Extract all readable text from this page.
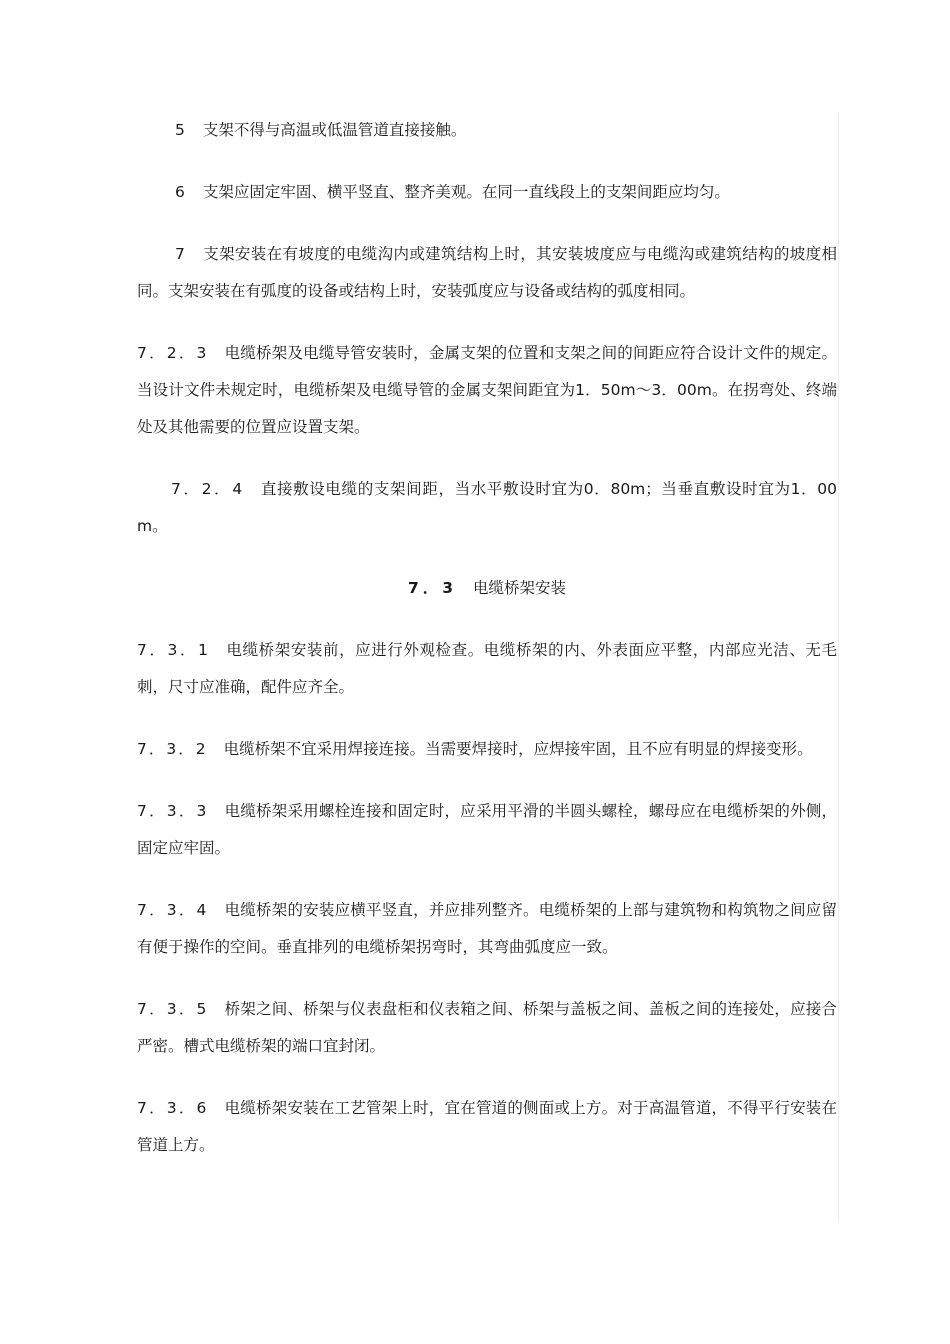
5 支架不得与高温或低温管道直接接触。

6 支架应固定牢固、横平竖直、整齐美观。在同一直线段上的支架间距应均匀。

7 支架安装在有坡度的电缆沟内或建筑结构上时，其安装坡度应与电缆沟或建筑结构的坡度相同。支架安装在有弧度的设备或结构上时，安装弧度应与设备或结构的弧度相同。

7．2．3 电缆桥架及电缆导管安装时，金属支架的位置和支架之间的间距应符合设计文件的规定。当设计文件未规定时，电缆桥架及电缆导管的金属支架间距宜为1．50m～3．00m。在拐弯处、终端处及其他需要的位置应设置支架。

7．2．4 直接敷设电缆的支架间距，当水平敷设时宜为0．80m；当垂直敷设时宜为1．00m。

7．3 电缆桥架安装

7．3．1 电缆桥架安装前，应进行外观检查。电缆桥架的内、外表面应平整，内部应光洁、无毛刺，尺寸应准确，配件应齐全。

7．3．2 电缆桥架不宜采用焊接连接。当需要焊接时，应焊接牢固，且不应有明显的焊接变形。

7．3．3 电缆桥架采用螺栓连接和固定时，应采用平滑的半圆头螺栓，螺母应在电缆桥架的外侧，固定应牢固。

7．3．4 电缆桥架的安装应横平竖直，并应排列整齐。电缆桥架的上部与建筑物和构筑物之间应留有便于操作的空间。垂直排列的电缆桥架拐弯时，其弯曲弧度应一致。

7．3．5 桥架之间、桥架与仪表盘柜和仪表箱之间、桥架与盖板之间、盖板之间的连接处，应接合严密。槽式电缆桥架的端口宜封闭。

7．3．6 电缆桥架安装在工艺管架上时，宜在管道的侧面或上方。对于高温管道，不得平行安装在管道上方。
